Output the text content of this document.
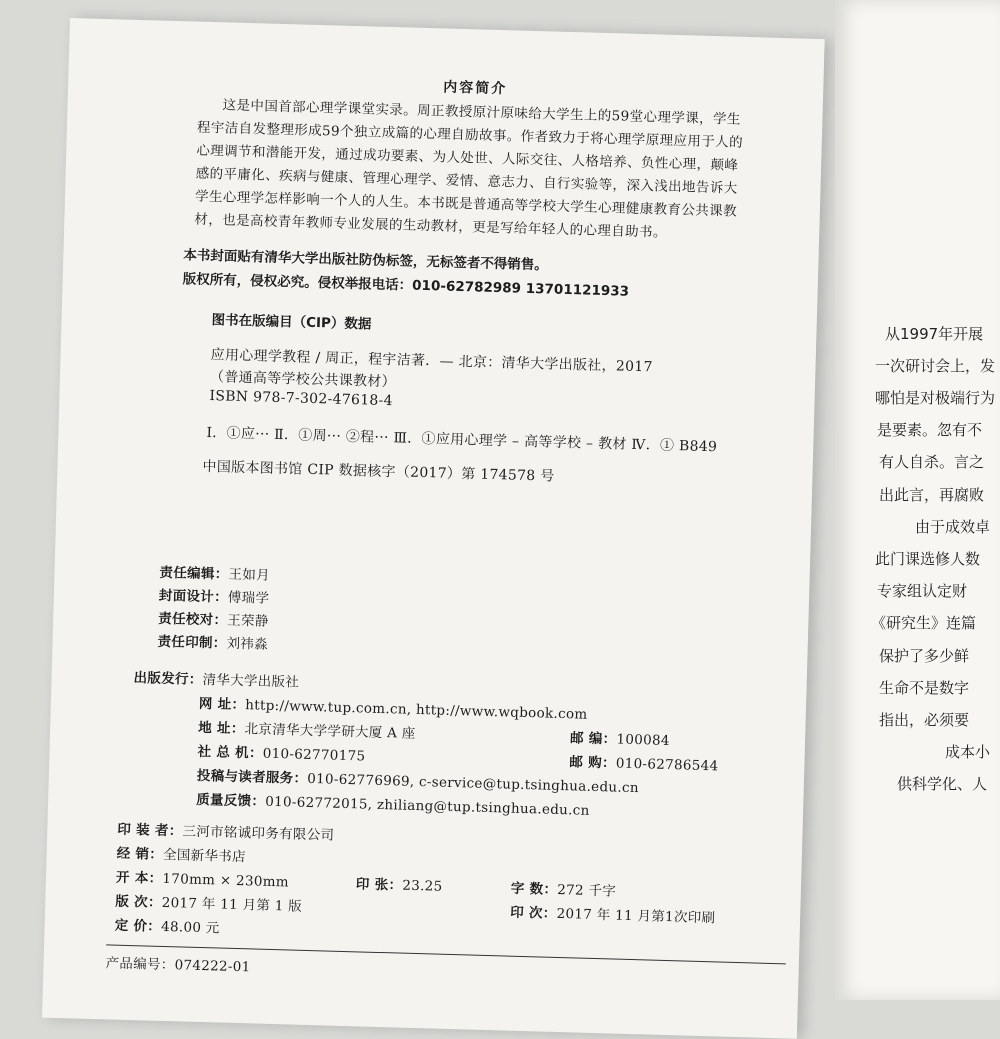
内容简介
这是中国首部心理学课堂实录。周正教授原汁原味给大学生上的59堂心理学课，学生
程宇洁自发整理形成59个独立成篇的心理自励故事。作者致力于将心理学原理应用于人的
心理调节和潜能开发，通过成功要素、为人处世、人际交往、人格培养、负性心理，颠峰
感的平庸化、疾病与健康、管理心理学、爱情、意志力、自行实验等，深入浅出地告诉大
学生心理学怎样影响一个人的人生。本书既是普通高等学校大学生心理健康教育公共课教
材，也是高校青年教师专业发展的生动教材，更是写给年轻人的心理自助书。
本书封面贴有清华大学出版社防伪标签，无标签者不得销售。
版权所有，侵权必究。侵权举报电话：010-62782989 13701121933
图书在版编目（CIP）数据
应用心理学教程 / 周正，程宇洁著．— 北京：清华大学出版社，2017
（普通高等学校公共课教材）
ISBN 978-7-302-47618-4
Ⅰ．①应··· Ⅱ．①周··· ②程··· Ⅲ．①应用心理学 – 高等学校 – 教材 Ⅳ．① B849
中国版本图书馆 CIP 数据核字（2017）第 174578 号
责任编辑：王如月
封面设计：傅瑞学
责任校对：王荣静
责任印制：刘祎淼
出版发行：清华大学出版社
网 址：http://www.tup.com.cn, http://www.wqbook.com
地 址：北京清华大学学研大厦 A 座	邮 编：100084
社 总 机：010-62770175	邮 购：010-62786544
投稿与读者服务：010-62776969, c-service@tup.tsinghua.edu.cn
质量反馈：010-62772015, zhiliang@tup.tsinghua.edu.cn
印 装 者：三河市铭诚印务有限公司
经 销：全国新华书店
开 本：170mm × 230mm	印 张：23.25	字 数：272 千字
版 次：2017 年 11 月第 1 版	印 次：2017 年 11 月第1次印刷
定 价：48.00 元
产品编号：074222-01
从1997年开展
一次研讨会上，发
哪怕是对极端行为
是要素。忽有不
有人自杀。言之
出此言，再腐败
由于成效卓
此门课选修人数
专家组认定财
《研究生》连篇
保护了多少鲜
生命不是数字
指出，必须要
成本小
供科学化、人
